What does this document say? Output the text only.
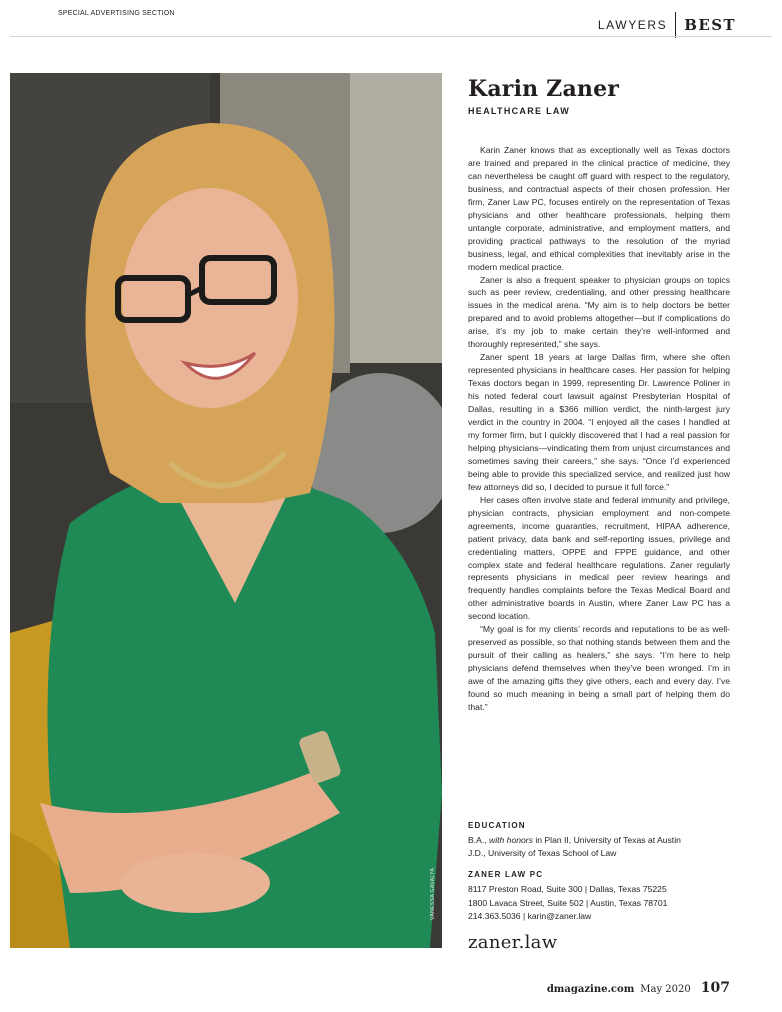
SPECIAL ADVERTISING SECTION
LAWYERS	BEST
VANESSA GAVALYA
Karin Zaner
HEALTHCARE LAW

Karin Zaner knows that as exceptionally well as Texas doctors are trained and prepared in the clinical practice of medicine, they can nevertheless be caught off guard with respect to the regulatory, business, and contractual aspects of their chosen profession. Her firm, Zaner Law PC, focuses entirely on the representation of Texas physicians and other healthcare professionals, helping them untangle corporate, administrative, and employment matters, and providing practical pathways to the resolution of the myriad business, legal, and ethical complexities that inevitably arise in the modern medical practice.

Zaner is also a frequent speaker to physician groups on topics such as peer review, credentialing, and other pressing healthcare issues in the medical arena. “My aim is to help doctors be better prepared and to avoid problems altogether—but if complications do arise, it’s my job to make certain they’re well-informed and thoroughly represented,” she says.

Zaner spent 18 years at large Dallas firm, where she often represented physicians in healthcare cases. Her passion for helping Texas doctors began in 1999, representing Dr. Lawrence Poliner in his noted federal court lawsuit against Presbyterian Hospital of Dallas, resulting in a $366 million verdict, the ninth-largest jury verdict in the country in 2004. “I enjoyed all the cases I handled at my former firm, but I quickly discovered that I had a real passion for helping physicians—vindicating them from unjust circumstances and sometimes saving their careers,” she says. “Once I’d experienced being able to provide this specialized service, and realized just how few attorneys did so, I decided to pursue it full force.”

Her cases often involve state and federal immunity and privilege, physician contracts, physician employment and non-compete agreements, income guaranties, recruitment, HIPAA adherence, patient privacy, data bank and self-reporting issues, privilege and credentialing matters, OPPE and FPPE guidance, and other complex state and federal healthcare regulations. Zaner regularly represents physicians in medical peer review hearings and frequently handles complaints before the Texas Medical Board and other administrative boards in Austin, where Zaner Law PC has a second location.

“My goal is for my clients’ records and reputations to be as well-preserved as possible, so that nothing stands between them and the pursuit of their calling as healers,” she says. “I’m here to help physicians defend themselves when they’ve been wronged. I’m in awe of the amazing gifts they give others, each and every day. I’ve found so much meaning in being a small part of helping them do that.”

EDUCATION
B.A., with honors in Plan II, University of Texas at Austin
J.D., University of Texas School of Law
ZANER LAW PC
8117 Preston Road, Suite 300 | Dallas, Texas 75225
1800 Lavaca Street, Suite 502 | Austin, Texas 78701
214.363.5036 | karin@zaner.law
zaner.law
dmagazine.com May 2020 107
